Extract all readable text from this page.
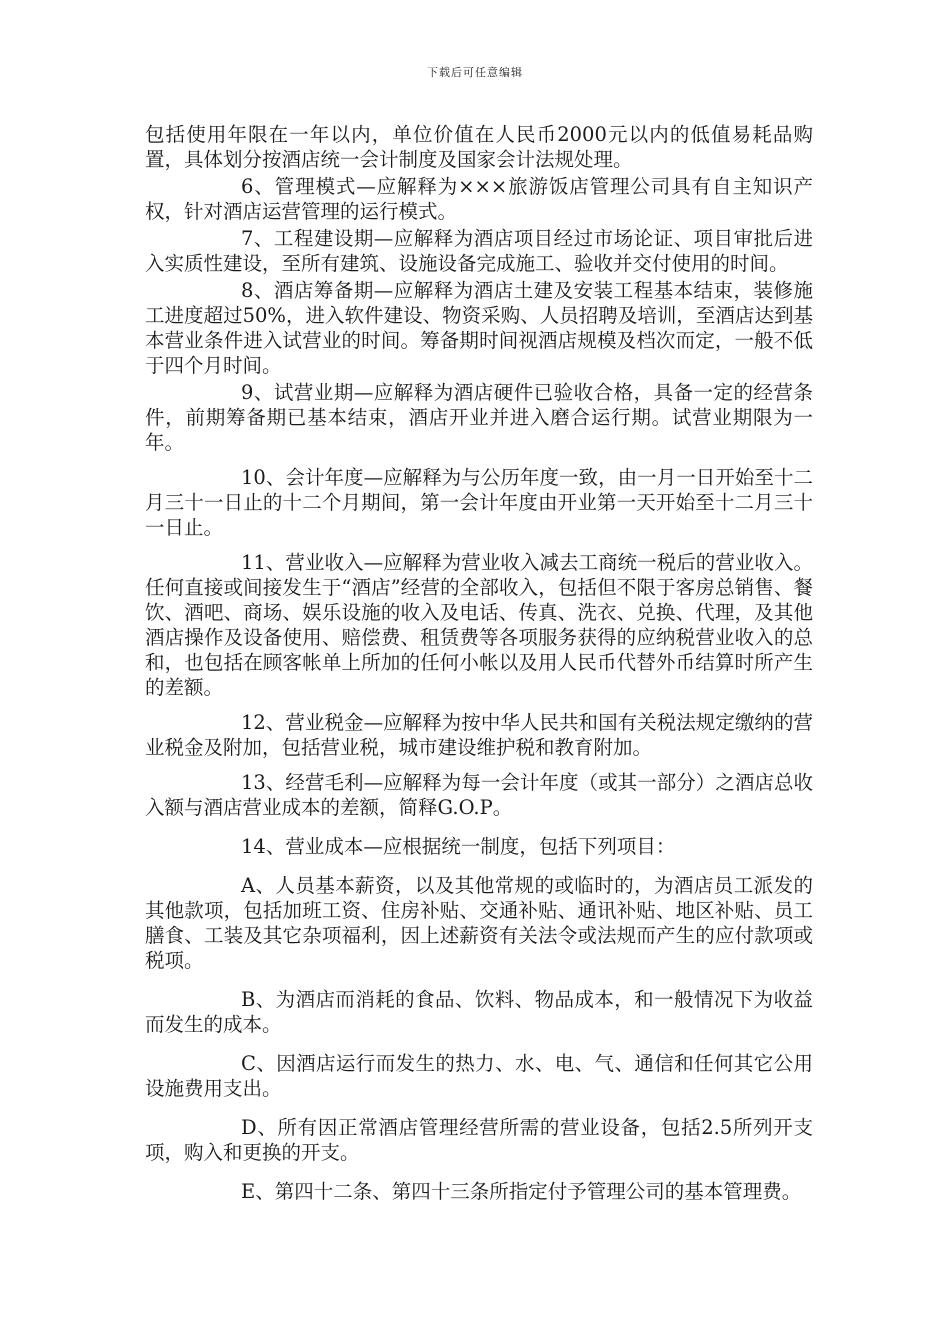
下载后可任意编辑

包括使用年限在一年以内，单位价值在人民币2000元以内的低值易耗品购置，具体划分按酒店统一会计制度及国家会计法规处理。

6、管理模式—应解释为×××旅游饭店管理公司具有自主知识产权，针对酒店运营管理的运行模式。

7、工程建设期—应解释为酒店项目经过市场论证、项目审批后进入实质性建设，至所有建筑、设施设备完成施工、验收并交付使用的时间。

8、酒店筹备期—应解释为酒店土建及安装工程基本结束，装修施工进度超过50%，进入软件建设、物资采购、人员招聘及培训，至酒店达到基本营业条件进入试营业的时间。筹备期时间视酒店规模及档次而定，一般不低于四个月时间。

9、试营业期—应解释为酒店硬件已验收合格，具备一定的经营条件，前期筹备期已基本结束，酒店开业并进入磨合运行期。试营业期限为一年。

10、会计年度—应解释为与公历年度一致，由一月一日开始至十二月三十一日止的十二个月期间，第一会计年度由开业第一天开始至十二月三十一日止。

11、营业收入—应解释为营业收入减去工商统一税后的营业收入。任何直接或间接发生于“酒店”经营的全部收入，包括但不限于客房总销售、餐饮、酒吧、商场、娱乐设施的收入及电话、传真、洗衣、兑换、代理，及其他酒店操作及设备使用、赔偿费、租赁费等各项服务获得的应纳税营业收入的总和，也包括在顾客帐单上所加的任何小帐以及用人民币代替外币结算时所产生的差额。

12、营业税金—应解释为按中华人民共和国有关税法规定缴纳的营业税金及附加，包括营业税，城市建设维护税和教育附加。

13、经营毛利—应解释为每一会计年度（或其一部分）之酒店总收入额与酒店营业成本的差额，简释G.O.P。

14、营业成本—应根据统一制度，包括下列项目：

A、人员基本薪资，以及其他常规的或临时的，为酒店员工派发的其他款项，包括加班工资、住房补贴、交通补贴、通讯补贴、地区补贴、员工膳食、工装及其它杂项福利，因上述薪资有关法令或法规而产生的应付款项或税项。

B、为酒店而消耗的食品、饮料、物品成本，和一般情况下为收益而发生的成本。

C、因酒店运行而发生的热力、水、电、气、通信和任何其它公用设施费用支出。

D、所有因正常酒店管理经营所需的营业设备，包括2.5所列开支项，购入和更换的开支。

E、第四十二条、第四十三条所指定付予管理公司的基本管理费。
